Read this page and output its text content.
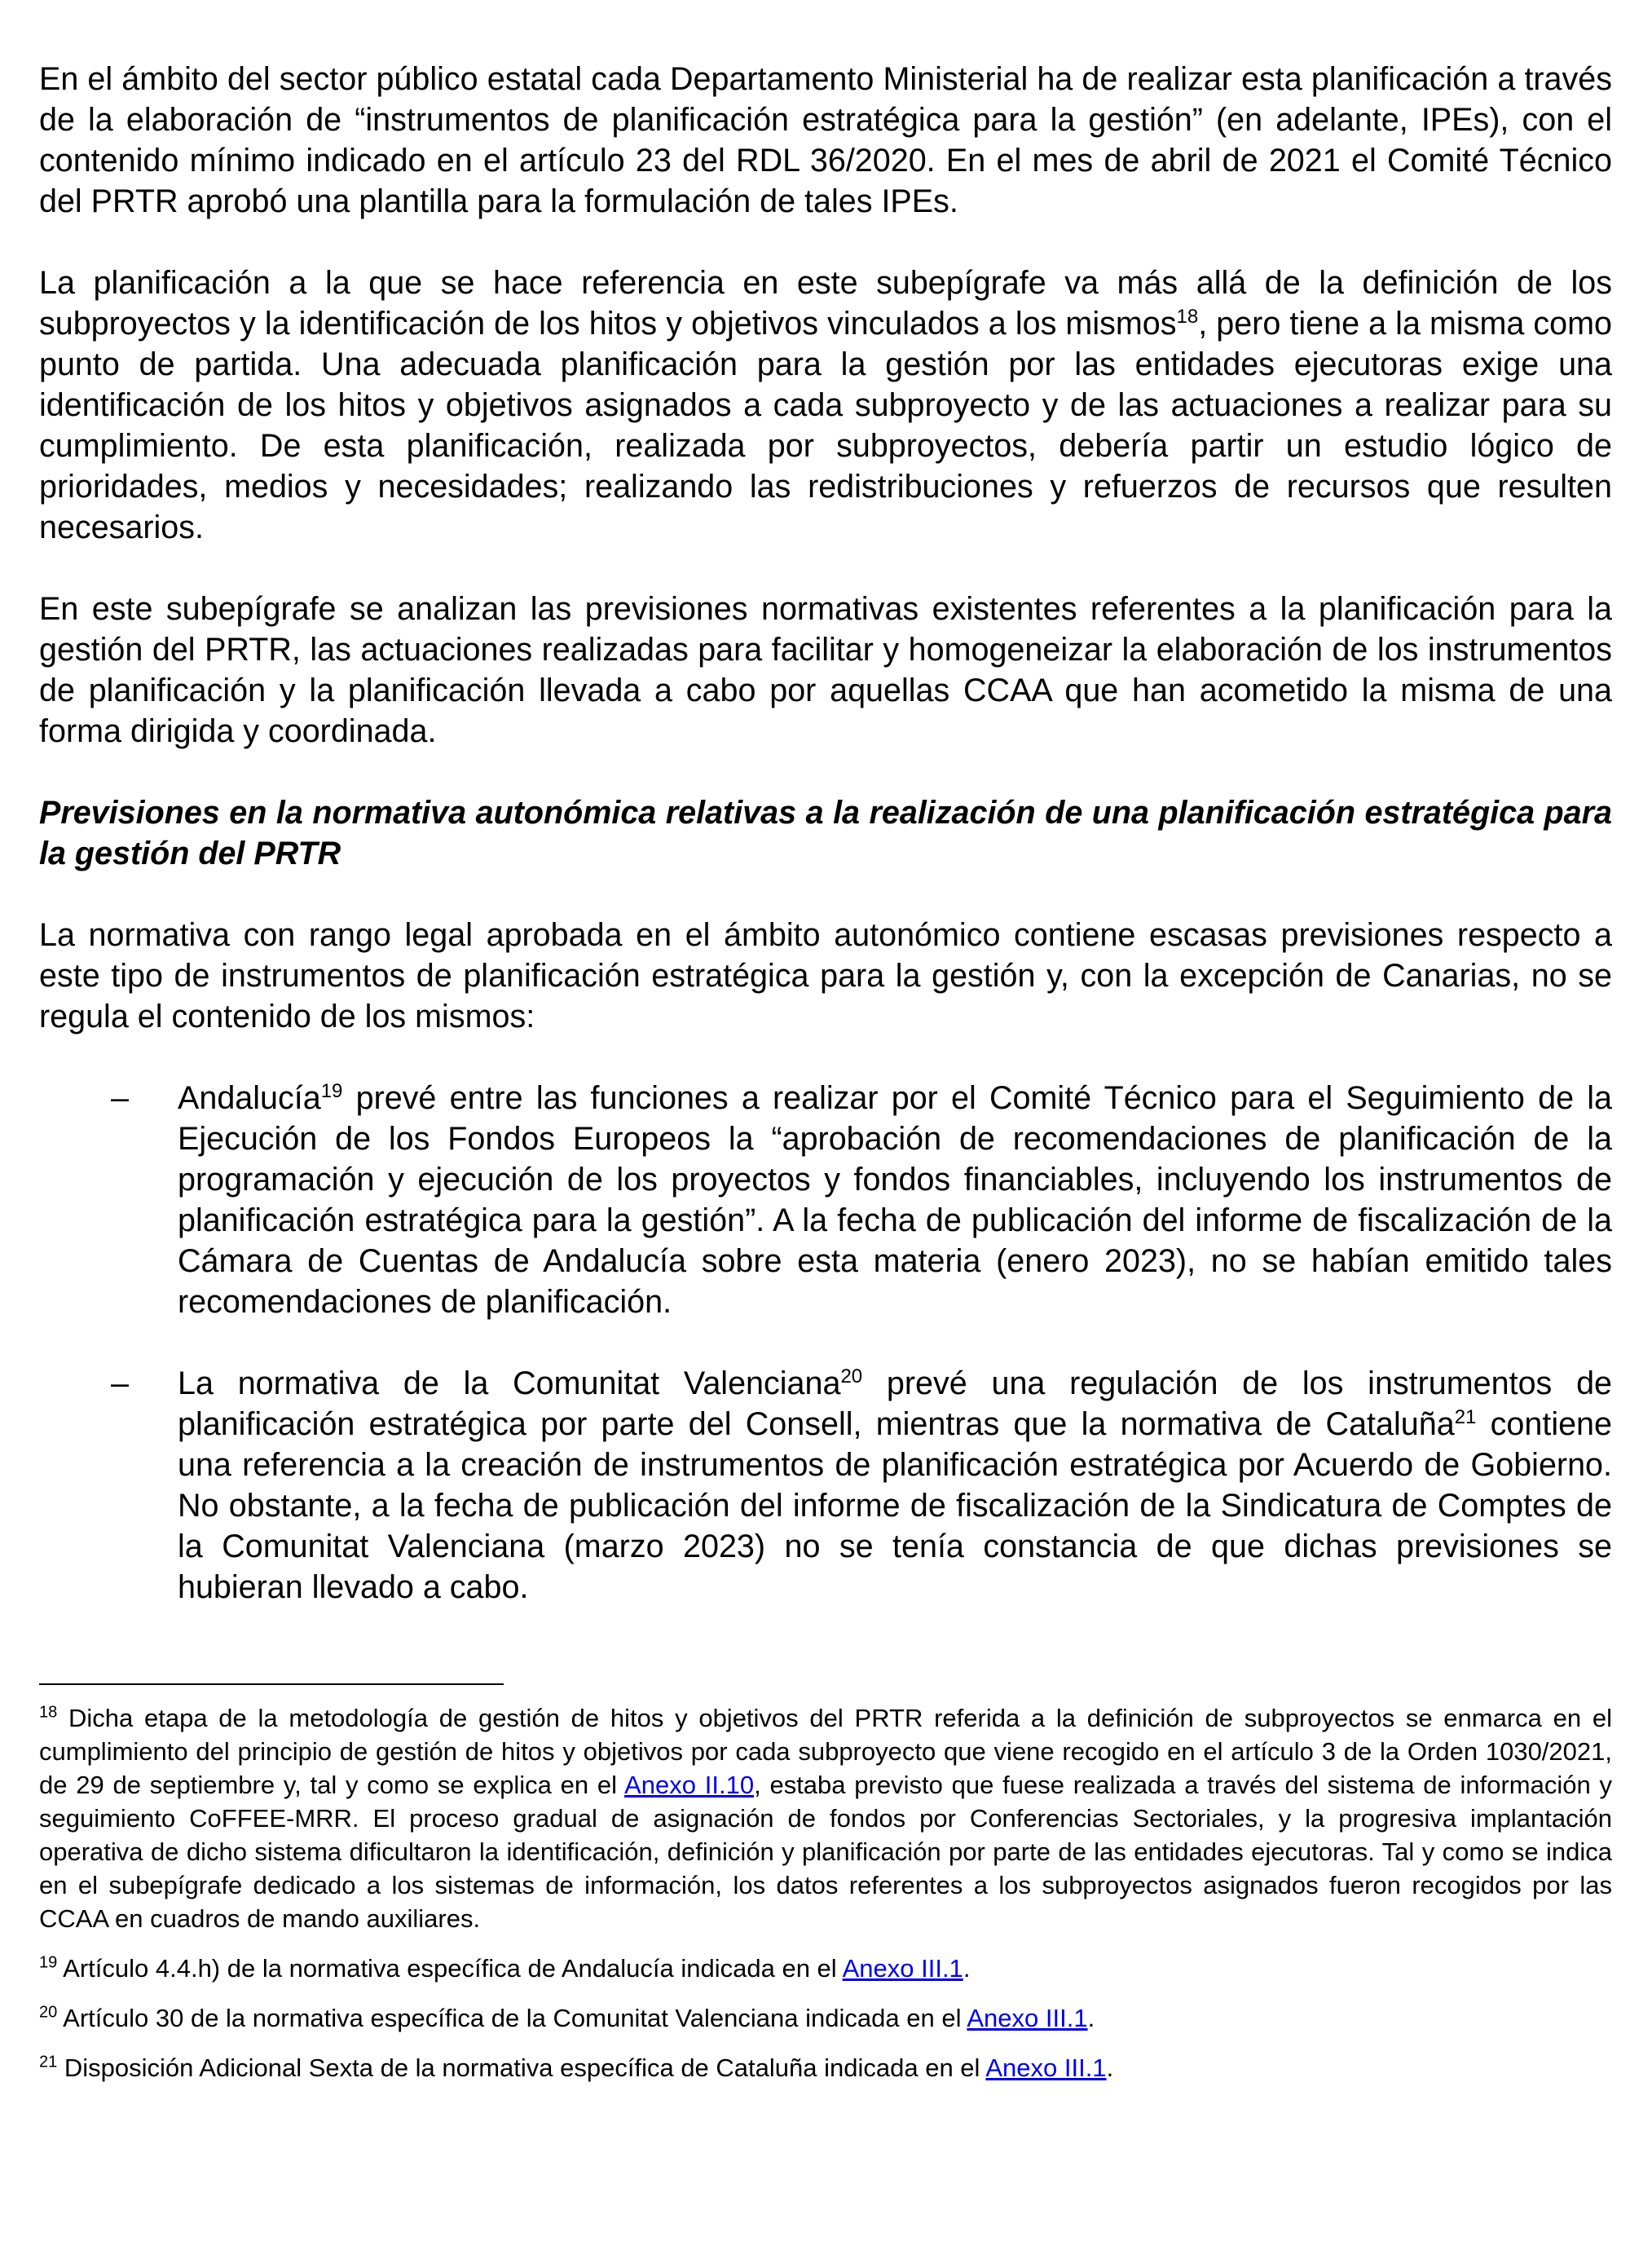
En el ámbito del sector público estatal cada Departamento Ministerial ha de realizar esta planificación a través de la elaboración de “instrumentos de planificación estratégica para la gestión” (en adelante, IPEs), con el contenido mínimo indicado en el artículo 23 del RDL 36/2020. En el mes de abril de 2021 el Comité Técnico del PRTR aprobó una plantilla para la formulación de tales IPEs.

La planificación a la que se hace referencia en este subepígrafe va más allá de la definición de los subproyectos y la identificación de los hitos y objetivos vinculados a los mismos$^{18}$, pero tiene a la misma como punto de partida. Una adecuada planificación para la gestión por las entidades ejecutoras exige una identificación de los hitos y objetivos asignados a cada subproyecto y de las actuaciones a realizar para su cumplimiento. De esta planificación, realizada por subproyectos, debería partir un estudio lógico de prioridades, medios y necesidades; realizando las redistribuciones y refuerzos de recursos que resulten necesarios.

En este subepígrafe se analizan las previsiones normativas existentes referentes a la planificación para la gestión del PRTR, las actuaciones realizadas para facilitar y homogeneizar la elaboración de los instrumentos de planificación y la planificación llevada a cabo por aquellas CCAA que han acometido la misma de una forma dirigida y coordinada.

Previsiones en la normativa autonómica relativas a la realización de una planificación estratégica para la gestión del PRTR

La normativa con rango legal aprobada en el ámbito autonómico contiene escasas previsiones respecto a este tipo de instrumentos de planificación estratégica para la gestión y, con la excepción de Canarias, no se regula el contenido de los mismos:

– Andalucía$^{19}$ prevé entre las funciones a realizar por el Comité Técnico para el Seguimiento de la Ejecución de los Fondos Europeos la “aprobación de recomendaciones de planificación de la programación y ejecución de los proyectos y fondos financiables, incluyendo los instrumentos de planificación estratégica para la gestión”. A la fecha de publicación del informe de fiscalización de la Cámara de Cuentas de Andalucía sobre esta materia (enero 2023), no se habían emitido tales recomendaciones de planificación.

– La normativa de la Comunitat Valenciana$^{20}$ prevé una regulación de los instrumentos de planificación estratégica por parte del Consell, mientras que la normativa de Cataluña$^{21}$ contiene una referencia a la creación de instrumentos de planificación estratégica por Acuerdo de Gobierno. No obstante, a la fecha de publicación del informe de fiscalización de la Sindicatura de Comptes de la Comunitat Valenciana (marzo 2023) no se tenía constancia de que dichas previsiones se hubieran llevado a cabo.

$^{18}$ Dicha etapa de la metodología de gestión de hitos y objetivos del PRTR referida a la definición de subproyectos se enmarca en el cumplimiento del principio de gestión de hitos y objetivos por cada subproyecto que viene recogido en el artículo 3 de la Orden 1030/2021, de 29 de septiembre y, tal y como se explica en el Anexo II.10, estaba previsto que fuese realizada a través del sistema de información y seguimiento CoFFEE-MRR. El proceso gradual de asignación de fondos por Conferencias Sectoriales, y la progresiva implantación operativa de dicho sistema dificultaron la identificación, definición y planificación por parte de las entidades ejecutoras. Tal y como se indica en el subepígrafe dedicado a los sistemas de información, los datos referentes a los subproyectos asignados fueron recogidos por las CCAA en cuadros de mando auxiliares.

$^{19}$ Artículo 4.4.h) de la normativa específica de Andalucía indicada en el Anexo III.1.

$^{20}$ Artículo 30 de la normativa específica de la Comunitat Valenciana indicada en el Anexo III.1.

$^{21}$ Disposición Adicional Sexta de la normativa específica de Cataluña indicada en el Anexo III.1.
